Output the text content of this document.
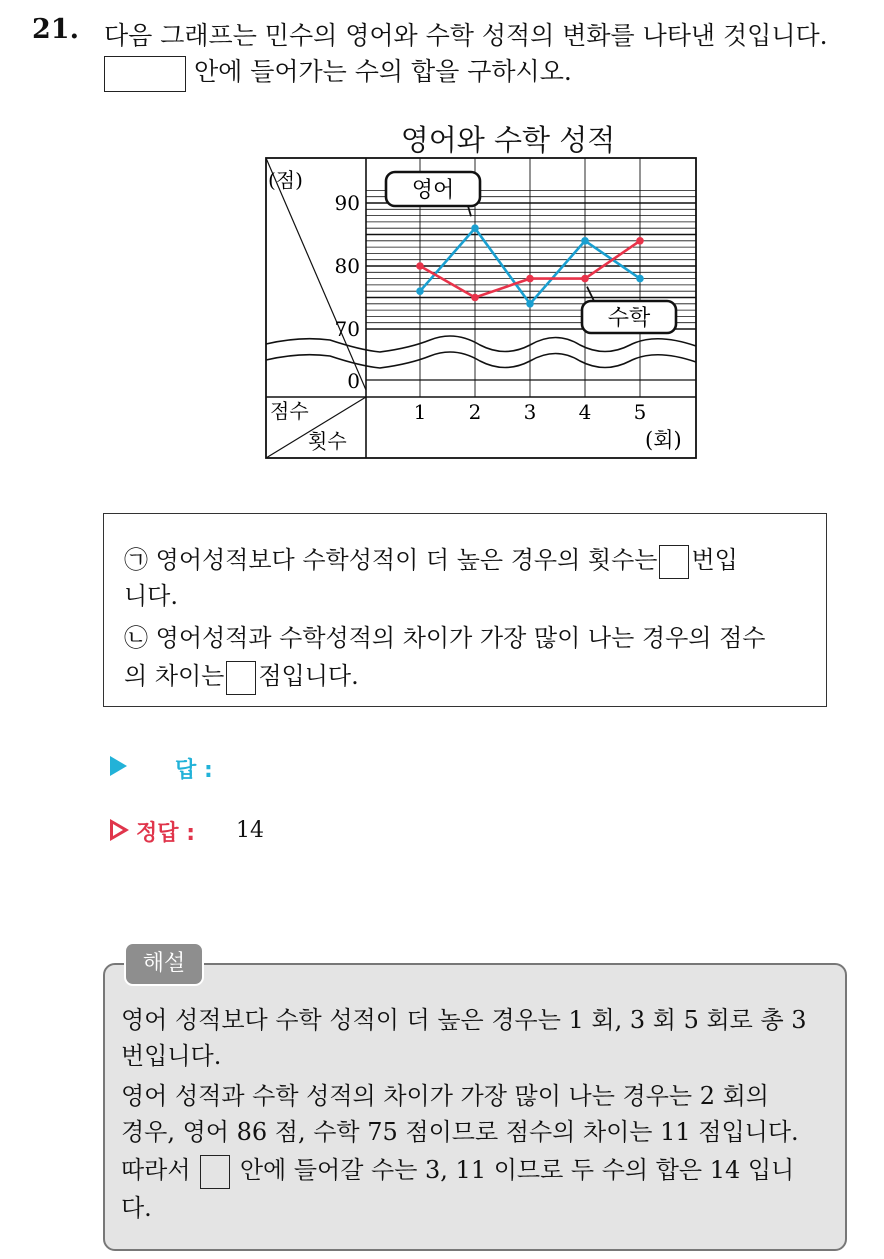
21. 다음 그래프는 민수의 영어와 수학 성적의 변화를 나타낸 것입니다.
안에 들어가는 수의 합을 구하시오.
영어와 수학 성적
(점)
점수
횟수	(회)
90
80
70
0
1 2 3 4 5
영어
수학

㉠ 영어성적보다 수학성적이 더 높은 경우의 횟수는 번입

니다.

㉡ 영어성적과 수학성적의 차이가 가장 많이 나는 경우의 점수

의 차이는 점입니다.

답 :
정답 : 14
해설
영어 성적보다 수학 성적이 더 높은 경우는 1 회, 3 회 5 회로 총 3
번입니다.
영어 성적과 수학 성적의 차이가 가장 많이 나는 경우는 2 회의
경우, 영어 86 점, 수학 75 점이므로 점수의 차이는 11 점입니다.
따라서 안에 들어갈 수는 3, 11 이므로 두 수의 합은 14 입니
다.
